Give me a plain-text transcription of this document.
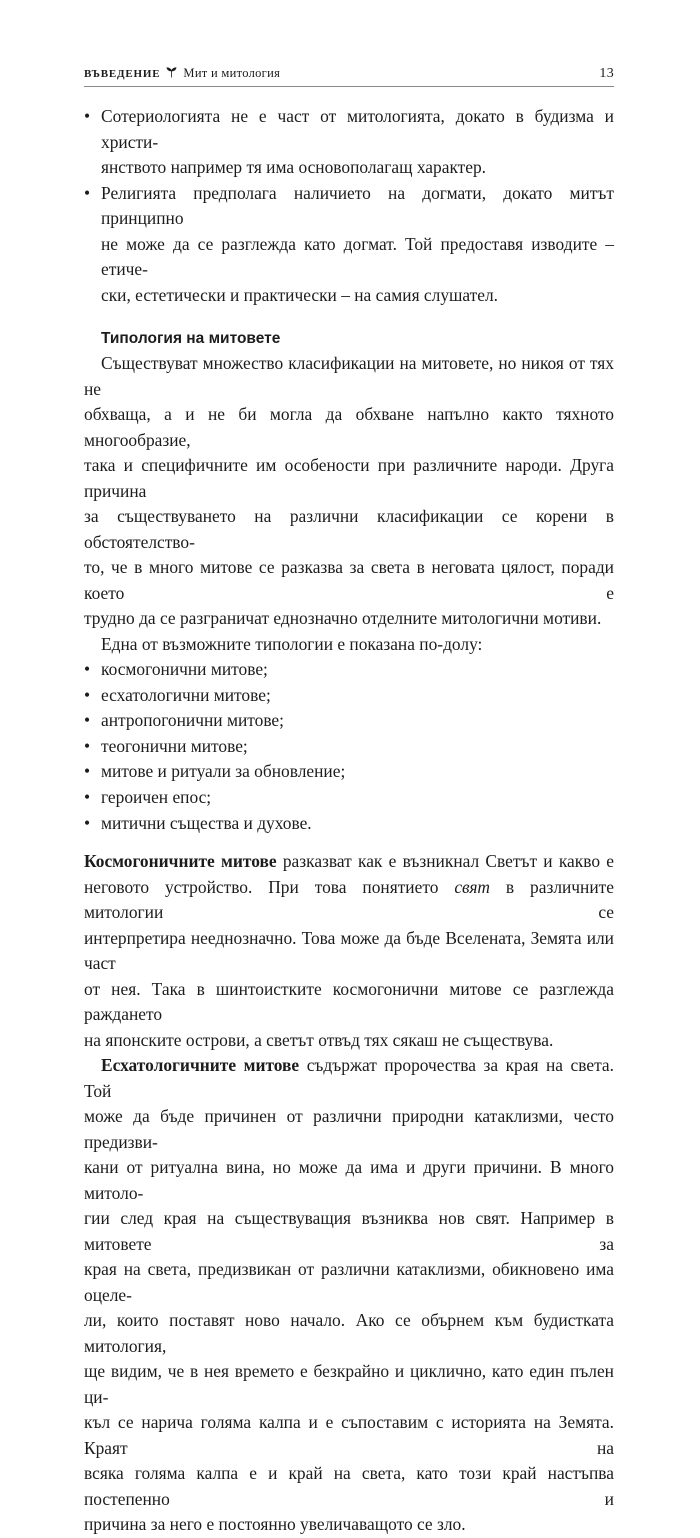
ВЪВЕДЕНИЕ Мит и митология	13
• Сотериологията не е част от митологията, докато в будизма и христи-
янството например тя има основополагащ характер.
• Религията предполага наличието на догмати, докато митът принципно
не може да се разглежда като догмат. Той предоставя изводите – етиче-
ски, естетически и практически – на самия слушател.
Типология на митовете
Съществуват множество класификации на митовете, но никоя от тях не
обхваща, а и не би могла да обхване напълно както тяхното многообразие,
така и специфичните им особености при различните народи. Друга причина
за съществуването на различни класификации се корени в обстоятелство-
то, че в много митове се разказва за света в неговата цялост, поради което е
трудно да се разграничат еднозначно отделните митологични мотиви.
Една от възможните типологии е показана по-долу:
• космогонични митове;
• есхатологични митове;
• антропогонични митове;
• теогонични митове;
• митове и ритуали за обновление;
• героичен епос;
• митични същества и духове.
Космогоничните митове разказват как е възникнал Светът и какво е
неговото устройство. При това понятието свят в различните митологии се
интерпретира нееднозначно. Това може да бъде Вселената, Земята или част
от нея. Така в шинтоистките космогонични митове се разглежда раждането
на японските острови, а светът отвъд тях сякаш не съществува.
Есхатологичните митове съдържат пророчества за края на света. Той
може да бъде причинен от различни природни катаклизми, често предизви-
кани от ритуална вина, но може да има и други причини. В много митоло-
гии след края на съществуващия възниква нов свят. Например в митовете за
края на света, предизвикан от различни катаклизми, обикновено има оцеле-
ли, които поставят ново начало. Ако се обърнем към будистката митология,
ще видим, че в нея времето е безкрайно и циклично, като един пълен ци-
къл се нарича голяма калпа и е съпоставим с историята на Земята. Краят на
всяка голяма калпа е и край на света, като този край настъпва постепенно и
причина за него е постоянно увеличаващото се зло.
